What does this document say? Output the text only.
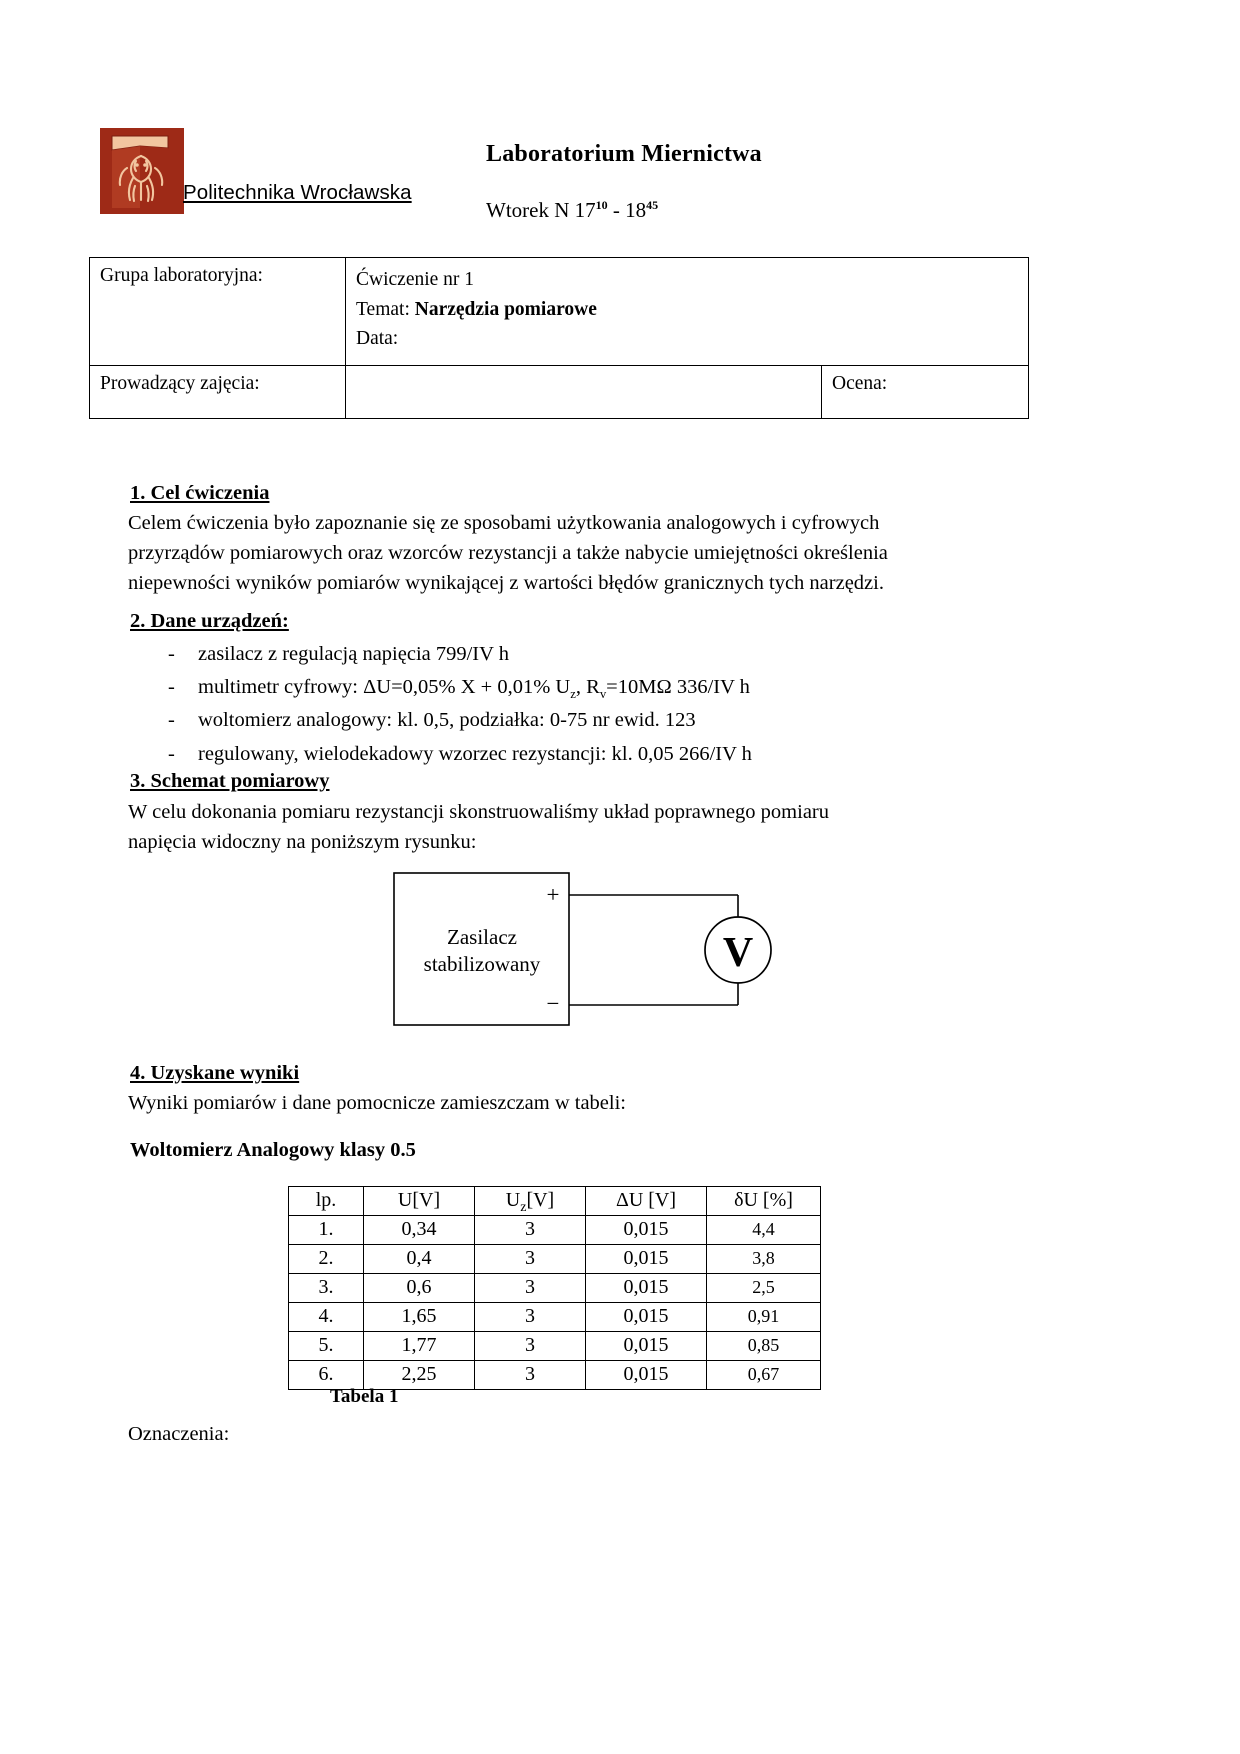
Politechnika Wrocławska
Laboratorium Miernictwa
Wtorek N $17^{10} - 18^{45}$
Grupa laboratoryjna:	Ćwiczenie nr 1
Temat: Narzędzia pomiarowe
Data:	

Prowadzący zajęcia:		Ocena:
1. Cel ćwiczenia
Celem ćwiczenia było zapoznanie się ze sposobami użytkowania analogowych i cyfrowych
przyrządów pomiarowych oraz wzorców rezystancji a także nabycie umiejętności określenia
niepewności wyników pomiarów wynikającej z wartości błędów granicznych tych narzędzi.
2. Dane urządzeń:
- zasilacz z regulacją napięcia 799/IV h
- multimetr cyfrowy: ΔU=0,05% X + 0,01% $U_z$, $R_v=10M\Omega$ 336/IV h
- woltomierz analogowy: kl. 0,5, podziałka: 0-75 nr ewid. 123
- regulowany, wielodekadowy wzorzec rezystancji: kl. 0,05 266/IV h
3. Schemat pomiarowy
W celu dokonania pomiaru rezystancji skonstruowaliśmy układ poprawnego pomiaru
napięcia widoczny na poniższym rysunku:
V
+
−
Zasilacz
stabilizowany
4. Uzyskane wyniki
Wyniki pomiarów i dane pomocnicze zamieszczam w tabeli:
Woltomierz Analogowy klasy 0.5
lp.	U[V]	$U_z[V]$	ΔU [V]	δU [%]
1.	0,34	3	0,015	4,4
2.	0,4	3	0,015	3,8
3.	0,6	3	0,015	2,5
4.	1,65	3	0,015	0,91
5.	1,77	3	0,015	0,85
6.	2,25	3	0,015	0,67
Tabela 1
Oznaczenia:
